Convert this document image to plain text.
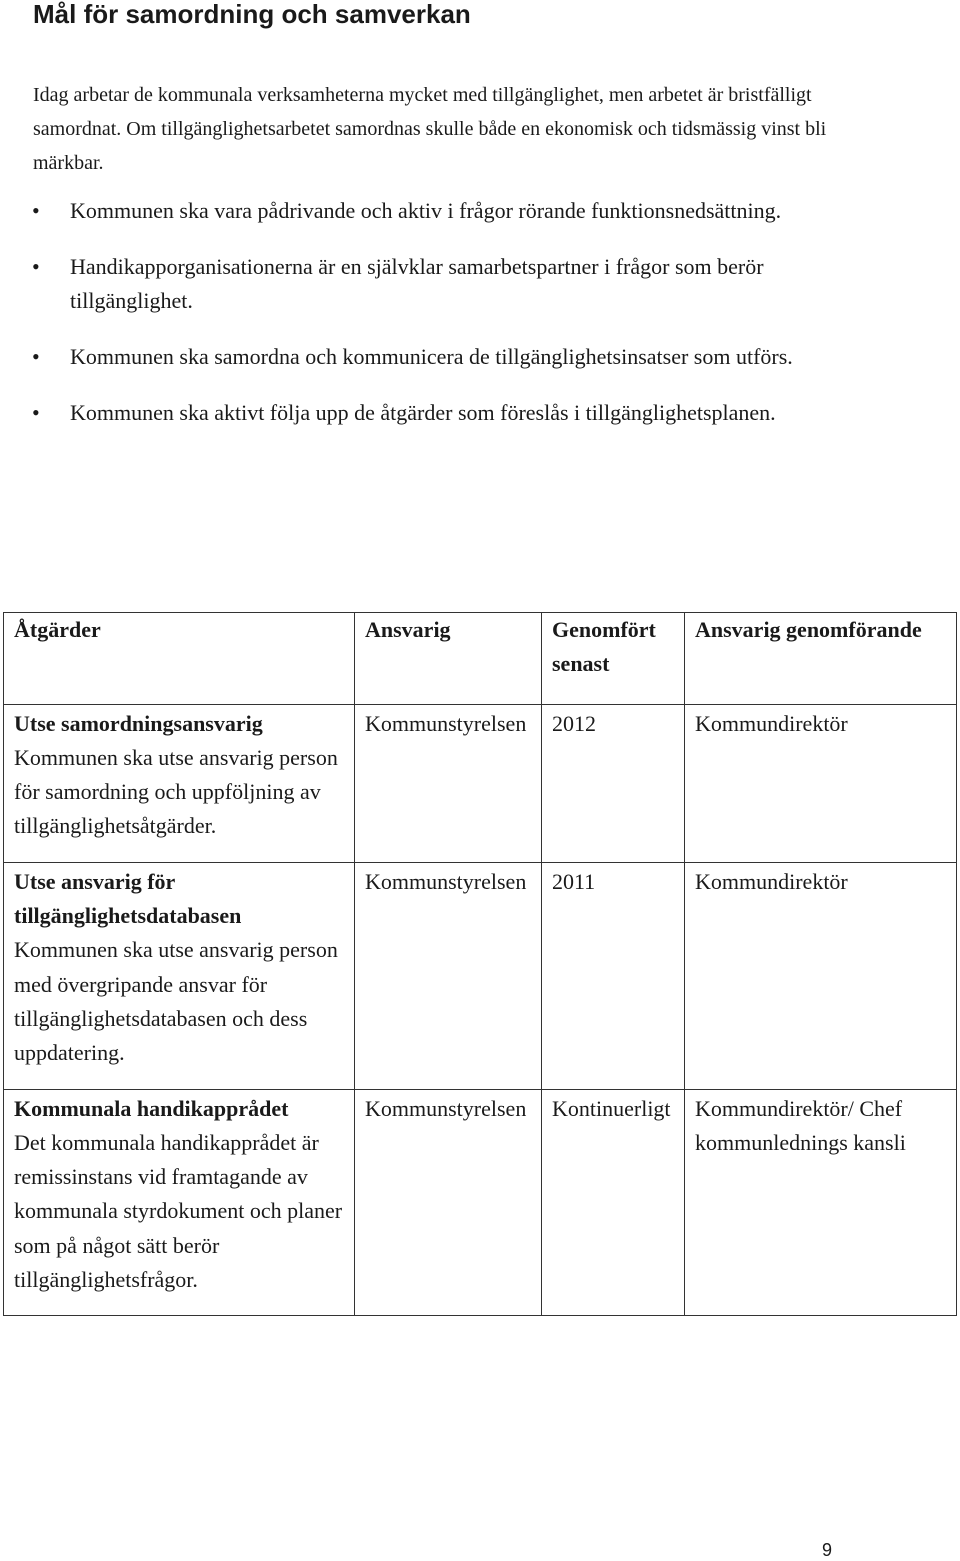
Mål för samordning och samverkan

Idag arbetar de kommunala verksamheterna mycket med tillgänglighet, men arbetet är bristfälligt samordnat. Om tillgänglighetsarbetet samordnas skulle både en ekonomisk och tidsmässig vinst bli märkbar.

• Kommunen ska vara pådrivande och aktiv i frågor rörande funktionsnedsättning.
• Handikapporganisationerna är en självklar samarbetspartner i frågor som berör tillgänglighet.
• Kommunen ska samordna och kommunicera de tillgänglighetsinsatser som utförs.
• Kommunen ska aktivt följa upp de åtgärder som föreslås i tillgänglighetsplanen.
Åtgärder	Ansvarig	Genomfört senast	Ansvarig genomförande

Utse samordningsansvarig
Kommunen ska utse ansvarig person för samordning och uppföljning av tillgänglighetsåtgärder.	Kommunstyrelsen	2012	Kommundirektör

Utse ansvarig för tillgänglighetsdatabasen
Kommunen ska utse ansvarig person med övergripande ansvar för tillgänglighetsdatabasen och dess uppdatering.	Kommunstyrelsen	2011	Kommundirektör

Kommunala handikapprådet
Det kommunala handikapprådet är remissinstans vid framtagande av kommunala styrdokument och planer som på något sätt berör tillgänglighetsfrågor.	Kommunstyrelsen	Kontinuerligt	Kommundirektör/ Chef kommunlednings kansli
9
